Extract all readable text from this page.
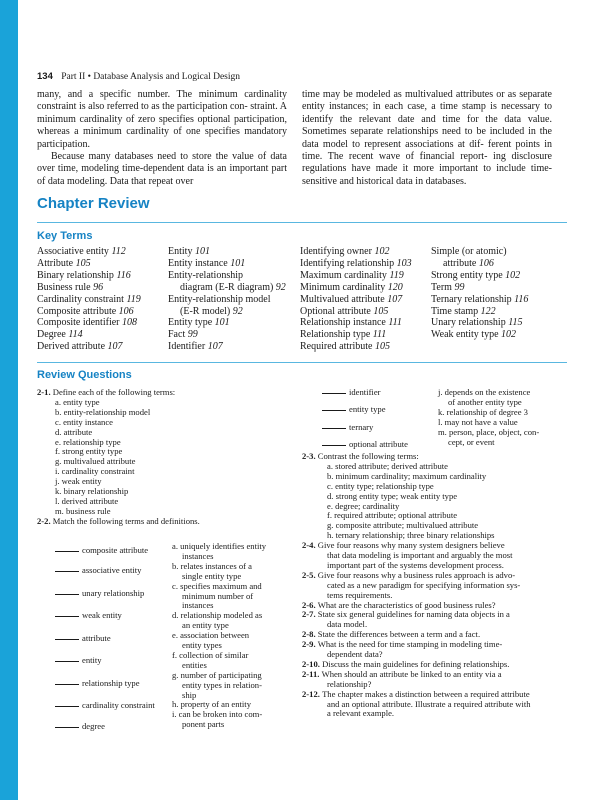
134 Part II • Database Analysis and Logical Design

many, and a specific number. The minimum cardinality constraint is also referred to as the participation con- straint. A minimum cardinality of zero specifies optional participation, whereas a minimum cardinality of one specifies mandatory participation.

Because many databases need to store the value of data over time, modeling time-dependent data is an important part of data modeling. Data that repeat over

time may be modeled as multivalued attributes or as separate entity instances; in each case, a time stamp is necessary to identify the relevant date and time for the data value. Sometimes separate relationships need to be included in the data model to represent associations at dif- ferent points in time. The recent wave of financial report- ing disclosure regulations have made it more important to include time-sensitive and historical data in databases.

Chapter Review
Key Terms
Associative entity 112
Attribute 105
Binary relationship 116
Business rule 96
Cardinality constraint 119
Composite attribute 106
Composite identifier 108
Degree 114
Derived attribute 107
Entity 101
Entity instance 101
Entity-relationship
diagram (E-R diagram) 92
Entity-relationship model
(E-R model) 92
Entity type 101
Fact 99
Identifier 107
Identifying owner 102
Identifying relationship 103
Maximum cardinality 119
Minimum cardinality 120
Multivalued attribute 107
Optional attribute 105
Relationship instance 111
Relationship type 111
Required attribute 105
Simple (or atomic)
attribute 106
Strong entity type 102
Term 99
Ternary relationship 116
Time stamp 122
Unary relationship 115
Weak entity type 102
Review Questions
2-1. Define each of the following terms:
a. entity type
b. entity-relationship model
c. entity instance
d. attribute
e. relationship type
f. strong entity type
g. multivalued attribute
i. cardinality constraint
j. weak entity
k. binary relationship
l. derived attribute
m. business rule
2-2. Match the following terms and definitions.
composite attribute
associative entity
unary relationship
weak entity
attribute
entity
relationship type
cardinality constraint
degree
a. uniquely identifies entity
instances
b. relates instances of a
single entity type
c. specifies maximum and
minimum number of
instances
d. relationship modeled as
an entity type
e. association between
entity types
f. collection of similar
entities
g. number of participating
entity types in relation-
ship
h. property of an entity
i. can be broken into com-
ponent parts
identifier
entity type
ternary
optional attribute
j. depends on the existence
of another entity type
k. relationship of degree 3
l. may not have a value
m. person, place, object, con-
cept, or event
2-3. Contrast the following terms:
a. stored attribute; derived attribute
b. minimum cardinality; maximum cardinality
c. entity type; relationship type
d. strong entity type; weak entity type
e. degree; cardinality
f. required attribute; optional attribute
g. composite attribute; multivalued attribute
h. ternary relationship; three binary relationships
2-4. Give four reasons why many system designers believe
that data modeling is important and arguably the most
important part of the systems development process.
2-5. Give four reasons why a business rules approach is advo-
cated as a new paradigm for specifying information sys-
tems requirements.
2-6. What are the characteristics of good business rules?
2-7. State six general guidelines for naming data objects in a
data model.
2-8. State the differences between a term and a fact.
2-9. What is the need for time stamping in modeling time-
dependent data?
2-10. Discuss the main guidelines for defining relationships.
2-11. When should an attribute be linked to an entity via a
relationship?
2-12. The chapter makes a distinction between a required attribute
and an optional attribute. Illustrate a required attribute with
a relevant example.
